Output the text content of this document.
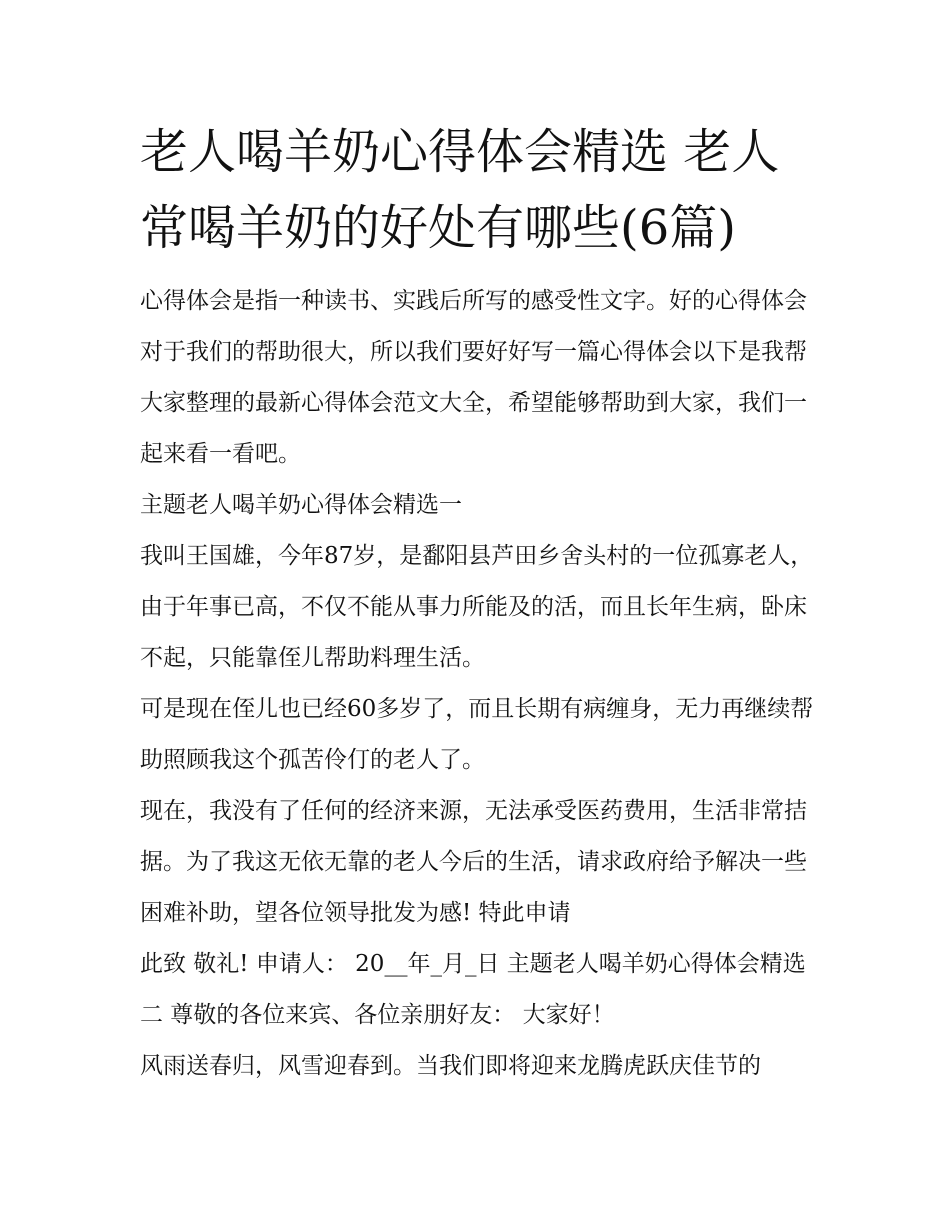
老人喝羊奶心得体会精选 老人常喝羊奶的好处有哪些(6篇)

心得体会是指一种读书、实践后所写的感受性文字。好的心得体会对于我们的帮助很大，所以我们要好好写一篇心得体会以下是我帮大家整理的最新心得体会范文大全，希望能够帮助到大家，我们一起来看一看吧。

主题老人喝羊奶心得体会精选一

我叫王国雄，今年87岁，是鄱阳县芦田乡舍头村的一位孤寡老人，由于年事已高，不仅不能从事力所能及的活，而且长年生病，卧床不起，只能靠侄儿帮助料理生活。

可是现在侄儿也已经60多岁了，而且长期有病缠身，无力再继续帮助照顾我这个孤苦伶仃的老人了。

现在，我没有了任何的经济来源，无法承受医药费用，生活非常拮据。为了我这无依无靠的老人今后的生活，请求政府给予解决一些困难补助，望各位领导批发为感! 特此申请

此致 敬礼! 申请人： 20__年_月_日 主题老人喝羊奶心得体会精选二 尊敬的各位来宾、各位亲朋好友： 大家好！

风雨送春归，风雪迎春到。当我们即将迎来龙腾虎跃庆佳节的
